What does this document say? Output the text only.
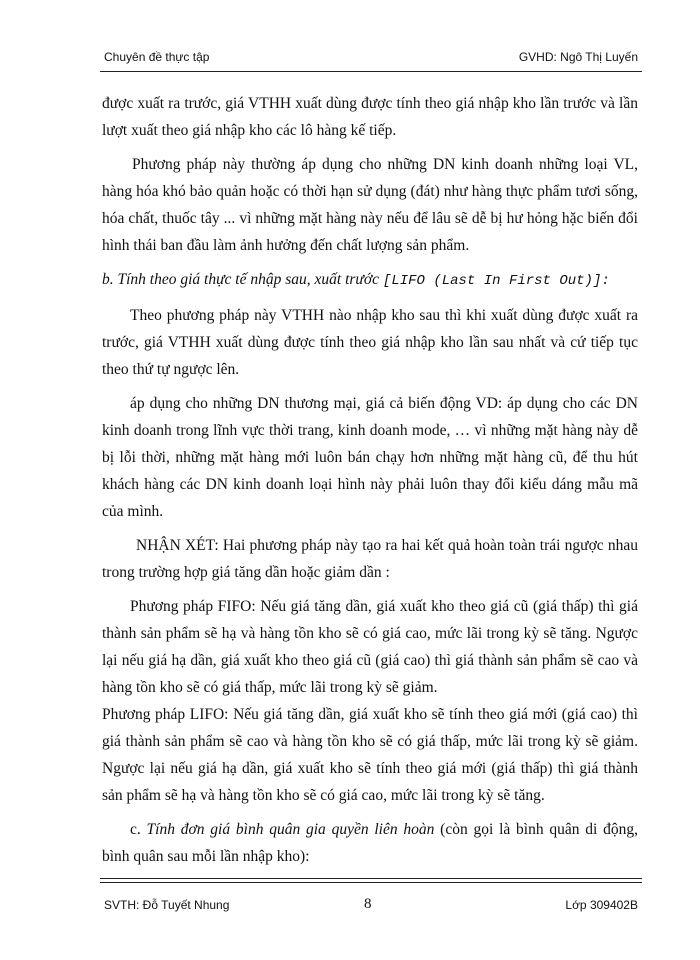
Chuyên đề thực tập	GVHD: Ngô Thị Luyến

được xuất ra trước, giá VTHH xuất dùng được tính theo giá nhập kho lần trước và lần lượt xuất theo giá nhập kho các lô hàng kế tiếp.

Phương pháp này thường áp dụng cho những DN kinh doanh những loại VL, hàng hóa khó bảo quản hoặc có thời hạn sử dụng (đát) như hàng thực phẩm tươi sống, hóa chất, thuốc tây ... vì những mặt hàng này nếu để lâu sẽ dễ bị hư hỏng hặc biến đổi hình thái ban đầu làm ảnh hưởng đến chất lượng sản phẩm.

b. Tính theo giá thực tế nhập sau, xuất trước [LIFO (Last In First Out)]:

Theo phương pháp này VTHH nào nhập kho sau thì khi xuất dùng được xuất ra trước, giá VTHH xuất dùng được tính theo giá nhập kho lần sau nhất và cứ tiếp tục theo thứ tự ngược lên.

áp dụng cho những DN thương mại, giá cả biến động VD: áp dụng cho các DN kinh doanh trong lĩnh vực thời trang, kinh doanh mode, … vì những mặt hàng này dễ bị lỗi thời, những mặt hàng mới luôn bán chạy hơn những mặt hàng cũ, để thu hút khách hàng các DN kinh doanh loại hình này phải luôn thay đổi kiểu dáng mẫu mã của mình.

NHẬN XÉT: Hai phương pháp này tạo ra hai kết quả hoàn toàn trái ngược nhau trong trường hợp giá tăng dần hoặc giảm dần :

Phương pháp FIFO: Nếu giá tăng dần, giá xuất kho theo giá cũ (giá thấp) thì giá thành sản phẩm sẽ hạ và hàng tồn kho sẽ có giá cao, mức lãi trong kỳ sẽ tăng. Ngược lại nếu giá hạ dần, giá xuất kho theo giá cũ (giá cao) thì giá thành sản phẩm sẽ cao và hàng tồn kho sẽ có giá thấp, mức lãi trong kỳ sẽ giảm.

Phương pháp LIFO: Nếu giá tăng dần, giá xuất kho sẽ tính theo giá mới (giá cao) thì giá thành sản phẩm sẽ cao và hàng tồn kho sẽ có giá thấp, mức lãi trong kỳ sẽ giảm. Ngược lại nếu giá hạ dần, giá xuất kho sẽ tính theo giá mới (giá thấp) thì giá thành sản phẩm sẽ hạ và hàng tồn kho sẽ có giá cao, mức lãi trong kỳ sẽ tăng.

c. Tính đơn giá bình quân gia quyền liên hoàn (còn gọi là bình quân di động, bình quân sau mỗi lần nhập kho):

SVTH: Đỗ Tuyết Nhung	8	Lớp 309402B
